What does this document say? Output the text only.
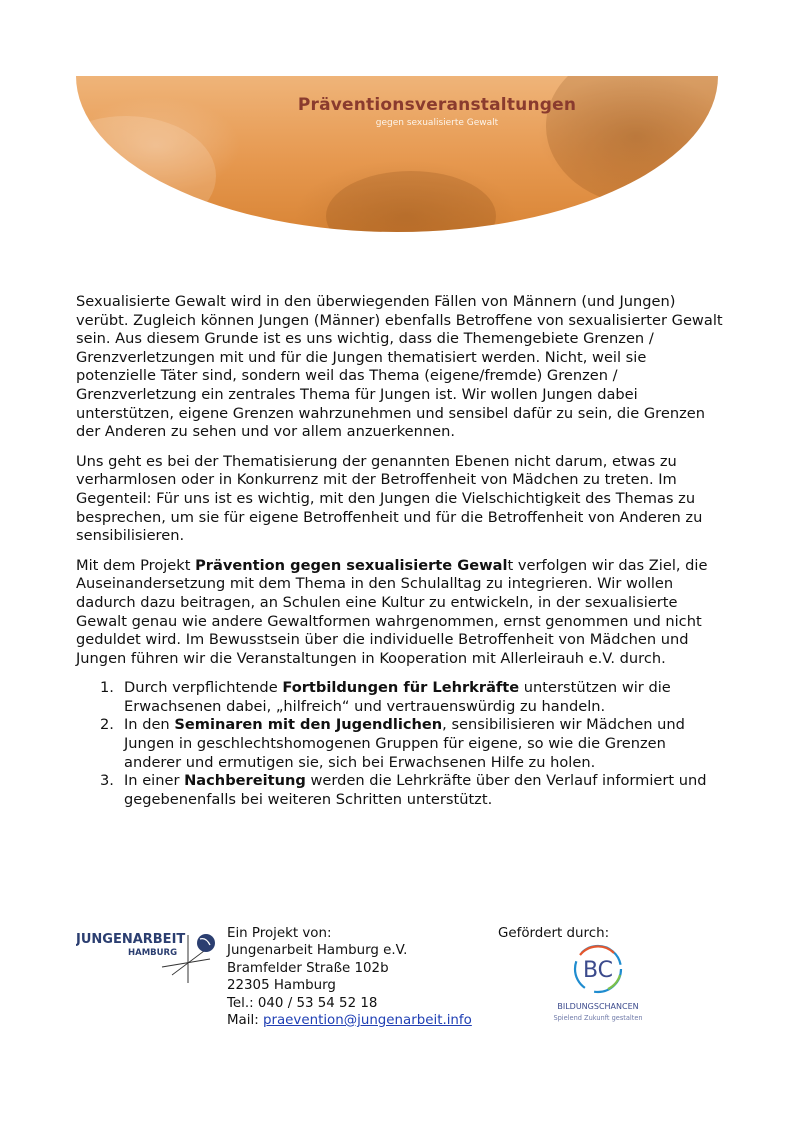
Präventionsveranstaltungen
gegen sexualisierte Gewalt

Sexualisierte Gewalt wird in den überwiegenden Fällen von Männern (und Jungen) verübt. Zugleich können Jungen (Männer) ebenfalls Betroffene von sexualisierter Gewalt sein. Aus diesem Grunde ist es uns wichtig, dass die Themengebiete Grenzen / Grenzverletzungen mit und für die Jungen thematisiert werden. Nicht, weil sie potenzielle Täter sind, sondern weil das Thema (eigene/fremde) Grenzen / Grenzverletzung ein zentrales Thema für Jungen ist. Wir wollen Jungen dabei unterstützen, eigene Grenzen wahrzunehmen und sensibel dafür zu sein, die Grenzen der Anderen zu sehen und vor allem anzuerkennen.

Uns geht es bei der Thematisierung der genannten Ebenen nicht darum, etwas zu verharmlosen oder in Konkurrenz mit der Betroffenheit von Mädchen zu treten. Im Gegenteil: Für uns ist es wichtig, mit den Jungen die Vielschichtigkeit des Themas zu besprechen, um sie für eigene Betroffenheit und für die Betroffenheit von Anderen zu sensibilisieren.

Mit dem Projekt Prävention gegen sexualisierte Gewalt verfolgen wir das Ziel, die Auseinandersetzung mit dem Thema in den Schulalltag zu integrieren. Wir wollen dadurch dazu beitragen, an Schulen eine Kultur zu entwickeln, in der sexualisierte Gewalt genau wie andere Gewaltformen wahrgenommen, ernst genommen und nicht geduldet wird. Im Bewusstsein über die individuelle Betroffenheit von Mädchen und Jungen führen wir die Veranstaltungen in Kooperation mit Allerleirauh e.V. durch.

1. Durch verpflichtende Fortbildungen für Lehrkräfte unterstützen wir die Erwachsenen dabei, „hilfreich“ und vertrauenswürdig zu handeln.
2. In den Seminaren mit den Jugendlichen, sensibilisieren wir Mädchen und Jungen in geschlechtshomogenen Gruppen für eigene, so wie die Grenzen anderer und ermutigen sie, sich bei Erwachsenen Hilfe zu holen.
3. In einer Nachbereitung werden die Lehrkräfte über den Verlauf informiert und gegebenenfalls bei weiteren Schritten unterstützt.
JUNGENARBEIT
HAMBURG
Ein Projekt von:
Jungenarbeit Hamburg e.V.
Bramfelder Straße 102b
22305 Hamburg
Tel.: 040 / 53 54 52 18
Mail: praevention@jungenarbeit.info
Gefördert durch:
BC
BILDUNGSCHANCEN
Spielend Zukunft gestalten
